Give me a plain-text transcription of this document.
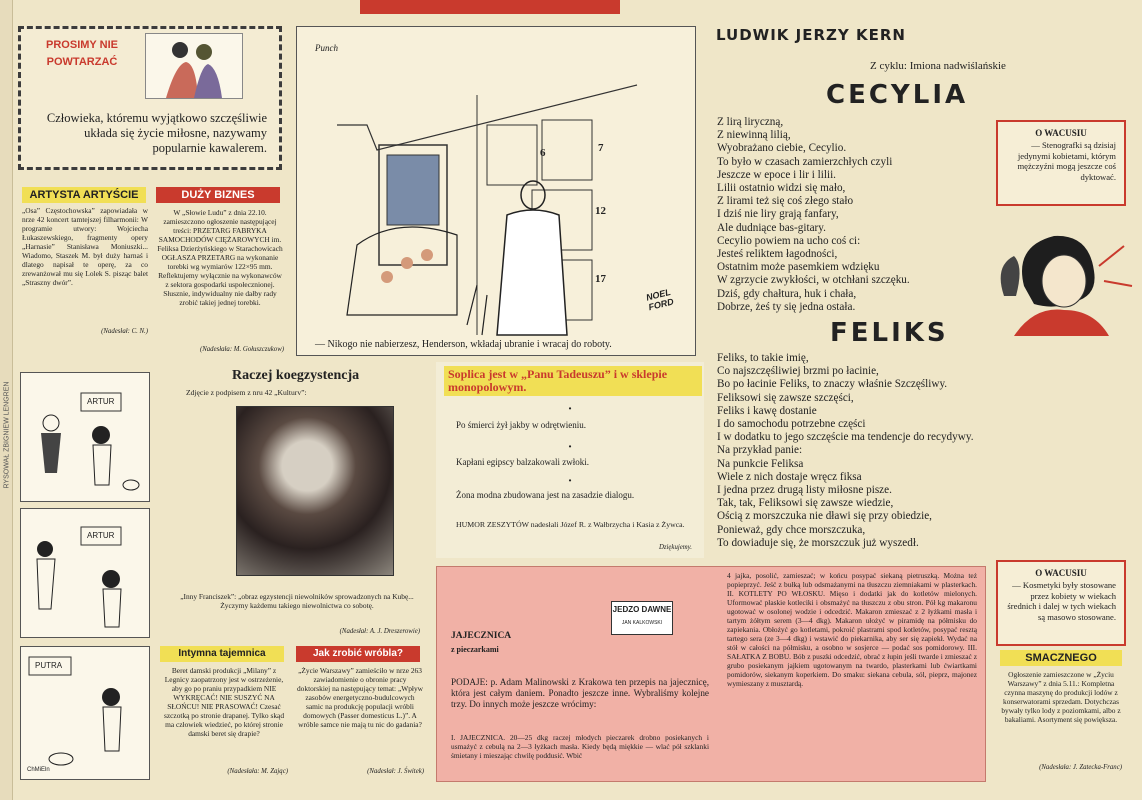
RYSOWAŁ ZBIGNIEW LENGREN
PROSIMY NIE POWTARZAĆ
Człowieka, któremu wyjątkowo szczęśliwie układa się życie miłosne, nazywamy popularnie kawalerem.
Punch
6	7
12
17
NOEL FORD
— Nikogo nie nabierzesz, Henderson, wkładaj ubranie i wracaj do roboty.
LUDWIK JERZY KERN
Z cyklu: Imiona nadwiślańskie
CECYLIA
Z lirą liryczną,
Z niewinną lilią,
Wyobrażano ciebie, Cecylio.
To było w czasach zamierzchłych czyli
Jeszcze w epoce i lir i lilii.
Lilii ostatnio widzi się mało,
Z lirami też się coś złego stało
I dziś nie liry grają fanfary,
Ale dudniące bas-gitary.
Cecylio powiem na ucho coś ci:
Jesteś reliktem łagodności,
Ostatnim może pasemkiem wdzięku
W zgrzycie zwykłości, w otchłani szczęku.
Dziś, gdy chałtura, huk i chała,
Dobrze, żeś ty się jedna ostała.
FELIKS
Feliks, to takie imię,
Co najszczęśliwiej brzmi po łacinie,
Bo po łacinie Feliks, to znaczy właśnie Szczęśliwy.
Feliksowi się zawsze szczęści,
Feliks i kawę dostanie
I do samochodu potrzebne części
I w dodatku to jego szczęście ma tendencje do recydywy.
Na przykład panie:
Na punkcie Feliksa
Wiele z nich dostaje wręcz fiksa
I jedna przez drugą listy miłosne pisze.
Tak, tak, Feliksowi się zawsze wiedzie,
Ością z morszczuka nie dławi się przy obiedzie,
Ponieważ, gdy chce morszczuka,
To dowiaduje się, że morszczuk już wyszedł.
O WACUSIU
— Stenografki są dzisiaj jedynymi kobietami, którym mężczyźni mogą jeszcze coś dyktować.
O WACUSIU
— Kosmetyki były stosowane przez kobiety w wiekach średnich i dalej w tych wiekach są masowo stosowane.
SMACZNEGO
Ogłoszenie zamieszczone w „Życiu Warszawy” z dnia 5.11.: Kompletna czynna maszynę do produkcji lodów z konserwatorami sprzedam. Dotychczas bywały tylko lody z poziomkami, albo z bakaliami. Asortyment się powiększa.
(Nadesłała: J. Zatecka-Franc)
ARTYSTA ARTYŚCIE
„Osa” Częstochowska” zapowiadała w nrze 42 koncert tamtejszej filharmonii: W programie utwory: Wojciecha Łukaszewskiego, fragmenty opery „Harnasie” Stanisława Moniuszki... Wiadomo, Staszek M. był duży harnaś i dlatego napisał te operę, za co zrewanżował mu się Lolek S. pisząc balet „Straszny dwór”.
(Nadesłał: C. N.)
DUŻY BIZNES
W „Słowie Ludu” z dnia 22.10. zamieszczono ogłoszenie następującej treści: PRZETARG FABRYKA SAMOCHODÓW CIĘŻAROWYCH im. Feliksa Dzierżyńskiego w Starachowicach OGŁASZA PRZETARG na wykonanie torebki wg wymiarów 122×95 mm. Reflektujemy wyłącznie na wykonawców z sektora gospodarki uspołecznionej. Słusznie, indywidualny nie dałby rady zrobić takiej jednej torebki.
(Nadesłała: M. Gołuszczukow)
ARTUR
ARTUR
PUTRA
ChMiEln
Raczej koegzystencja
Zdjęcie z podpisem z nru 42 „Kulturv”:
„Inny Franciszek”: „obraz egzystencji niewolników sprowadzonych na Kubę... Życzymy każdemu takiego niewolnictwa co sobotę.
(Nadesłał: A. J. Dreszerowie)
Soplica jest w „Panu Tadeuszu” i w sklepie monopolowym.
•
Po śmierci żył jakby w odrętwieniu.
•
Kapłani egipscy balzakowali zwłoki.
•
Żona modna zbudowana jest na zasadzie dialogu.
HUMOR ZESZYTÓW nadesłali Józef R. z Wałbrzycha i Kasia z Żywca.
Dziękujemy.
Intymna tajemnica
Beret damski produkcji „Milany” z Legnicy zaopatrzony jest w ostrzeżenie, aby go po praniu przypadkiem NIE WYKRĘCAĆ! NIE SUSZYĆ NA SŁOŃCU! NIE PRASOWAĆ! Czesać szczotką po stronie drapanej. Tylko skąd ma człowiek wiedzieć, po której stronie damski beret się drapie?
(Nadesłała: M. Zając)
Jak zrobić wróbla?
„Życie Warszawy” zamieściło w nrze 263 zawiadomienie o obronie pracy doktorskiej na następujący temat: „Wpływ zasobów energetyczno-budulcowych samic na produkcję populacji wróbli domowych (Passer domesticus L.)”. A wróble samce nie mają tu nic do gadania?
(Nadesłał: J. Świtek)
JEDZO DAWNE
JAN KALKOWSKI
JAJECZNICA
z pieczarkami
PODAJE: p. Adam Malinowski z Krakowa ten przepis na jajecznicę, która jest całym daniem. Ponadto jeszcze inne. Wybraliśmy kolejne trzy. Do innych może jeszcze wrócimy:
I. JAJECZNICA. 20—25 dkg raczej młodych pieczarek drobno posiekanych i usmażyć z cebulą na 2—3 łyżkach masła. Kiedy będą miękkie — wlać pół szklanki śmietany i mieszając chwilę poddusić. Wbić
4 jajka, posolić, zamieszać; w końcu posypać siekaną pietruszką. Można też popieprzyć. Jeść z bułką lub odsmażanymi na tłuszczu ziemniakami w plasterkach. II. KOTLETY PO WŁOSKU. Mięso i dodatki jak do kotletów mielonych. Uformować płaskie kotleciki i obsmażyć na tłuszczu z obu stron. Pół kg makaronu ugotować w osolonej wodzie i odcedzić. Makaron zmieszać z 2 łyżkami masła i tartym żółtym serem (3—4 dkg). Makaron ułożyć w piramidę na półmisku do zapiekania. Obłożyć go kotletami, pokroić plastrami spod kotletów, posypać resztą tartego sera (ze 3—4 dkg) i wstawić do piekarnika, aby ser się zapiekł. Wydać na stół w całości na półmisku, a osobno w sosjerce — podać sos pomidorowy. III. SAŁATKA Z BOBU. Bób z puszki odcedzić, obrać z łupin jeśli twarde i zmieszać z grubo posiekanym jajkiem ugotowanym na twardo, plasterkami lub ćwiartkami pomidorów, siekanym koperkiem. Do smaku: siekana cebula, sól, pieprz, majonez wymieszany z musztardą.
